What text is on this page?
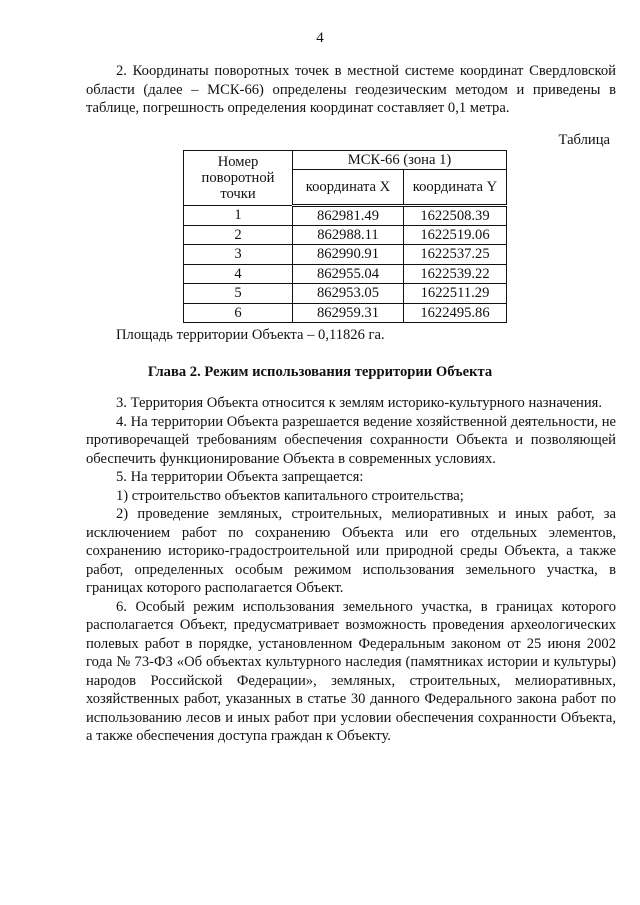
4

2. Координаты поворотных точек в местной системе координат Свердловской области (далее – МСК-66) определены геодезическим методом и приведены в таблице, погрешность определения координат составляет 0,1 метра.

Таблица
Номер поворотной точки	МСК-66 (зона 1)	
	координата X	координата Y
1	862981.49	1622508.39
2	862988.11	1622519.06
3	862990.91	1622537.25
4	862955.04	1622539.22
5	862953.05	1622511.29
6	862959.31	1622495.86
Площадь территории Объекта – 0,11826 га.
Глава 2. Режим использования территории Объекта

3. Территория Объекта относится к землям историко-культурного назначения.

4. На территории Объекта разрешается ведение хозяйственной деятельности, не противоречащей требованиям обеспечения сохранности Объекта и позволяющей обеспечить функционирование Объекта в современных условиях.

5. На территории Объекта запрещается:

1) строительство объектов капитального строительства;

2) проведение земляных, строительных, мелиоративных и иных работ, за исключением работ по сохранению Объекта или его отдельных элементов, сохранению историко-градостроительной или природной среды Объекта, а также работ, определенных особым режимом использования земельного участка, в границах которого располагается Объект.

6. Особый режим использования земельного участка, в границах которого располагается Объект, предусматривает возможность проведения археологических полевых работ в порядке, установленном Федеральным законом от 25 июня 2002 года № 73-ФЗ «Об объектах культурного наследия (памятниках истории и культуры) народов Российской Федерации», земляных, строительных, мелиоративных, хозяйственных работ, указанных в статье 30 данного Федерального закона работ по использованию лесов и иных работ при условии обеспечения сохранности Объекта, а также обеспечения доступа граждан к Объекту.
